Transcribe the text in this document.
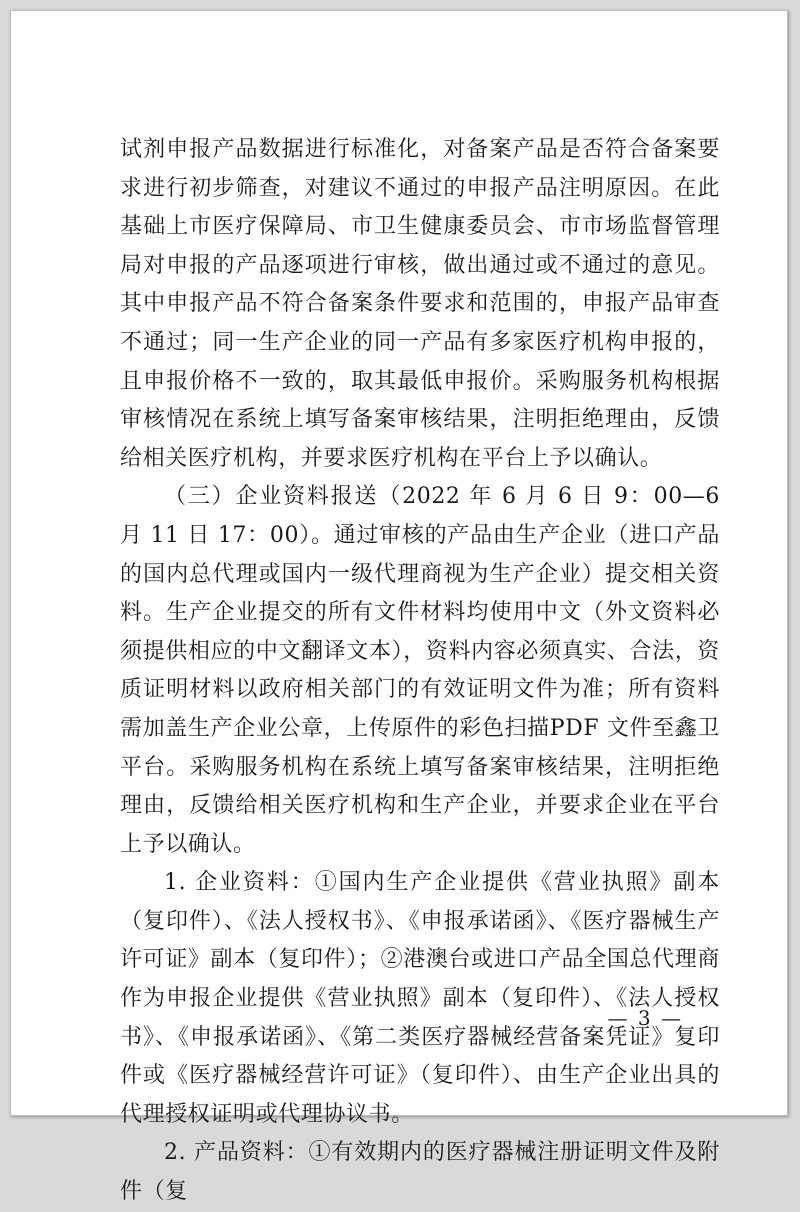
试剂申报产品数据进行标准化，对备案产品是否符合备案要求进行初步筛查，对建议不通过的申报产品注明原因。在此基础上市医疗保障局、市卫生健康委员会、市市场监督管理局对申报的产品逐项进行审核，做出通过或不通过的意见。其中申报产品不符合备案条件要求和范围的，申报产品审查不通过；同一生产企业的同一产品有多家医疗机构申报的，且申报价格不一致的，取其最低申报价。采购服务机构根据审核情况在系统上填写备案审核结果，注明拒绝理由，反馈给相关医疗机构，并要求医疗机构在平台上予以确认。

（三）企业资料报送（2022 年 6 月 6 日 9：00—6 月 11 日 17：00）。通过审核的产品由生产企业（进口产品的国内总代理或国内一级代理商视为生产企业）提交相关资料。生产企业提交的所有文件材料均使用中文（外文资料必须提供相应的中文翻译文本），资料内容必须真实、合法，资质证明材料以政府相关部门的有效证明文件为准；所有资料需加盖生产企业公章，上传原件的彩色扫描PDF 文件至鑫卫平台。采购服务机构在系统上填写备案审核结果，注明拒绝理由，反馈给相关医疗机构和生产企业，并要求企业在平台上予以确认。

1. 企业资料：①国内生产企业提供《营业执照》副本（复印件）、《法人授权书》、《申报承诺函》、《医疗器械生产许可证》副本（复印件）；②港澳台或进口产品全国总代理商作为申报企业提供《营业执照》副本（复印件）、《法人授权书》、《申报承诺函》、《第二类医疗器械经营备案凭证》复印件或《医疗器械经营许可证》（复印件）、由生产企业出具的代理授权证明或代理协议书。

2. 产品资料：①有效期内的医疗器械注册证明文件及附件（复

— 3 —
